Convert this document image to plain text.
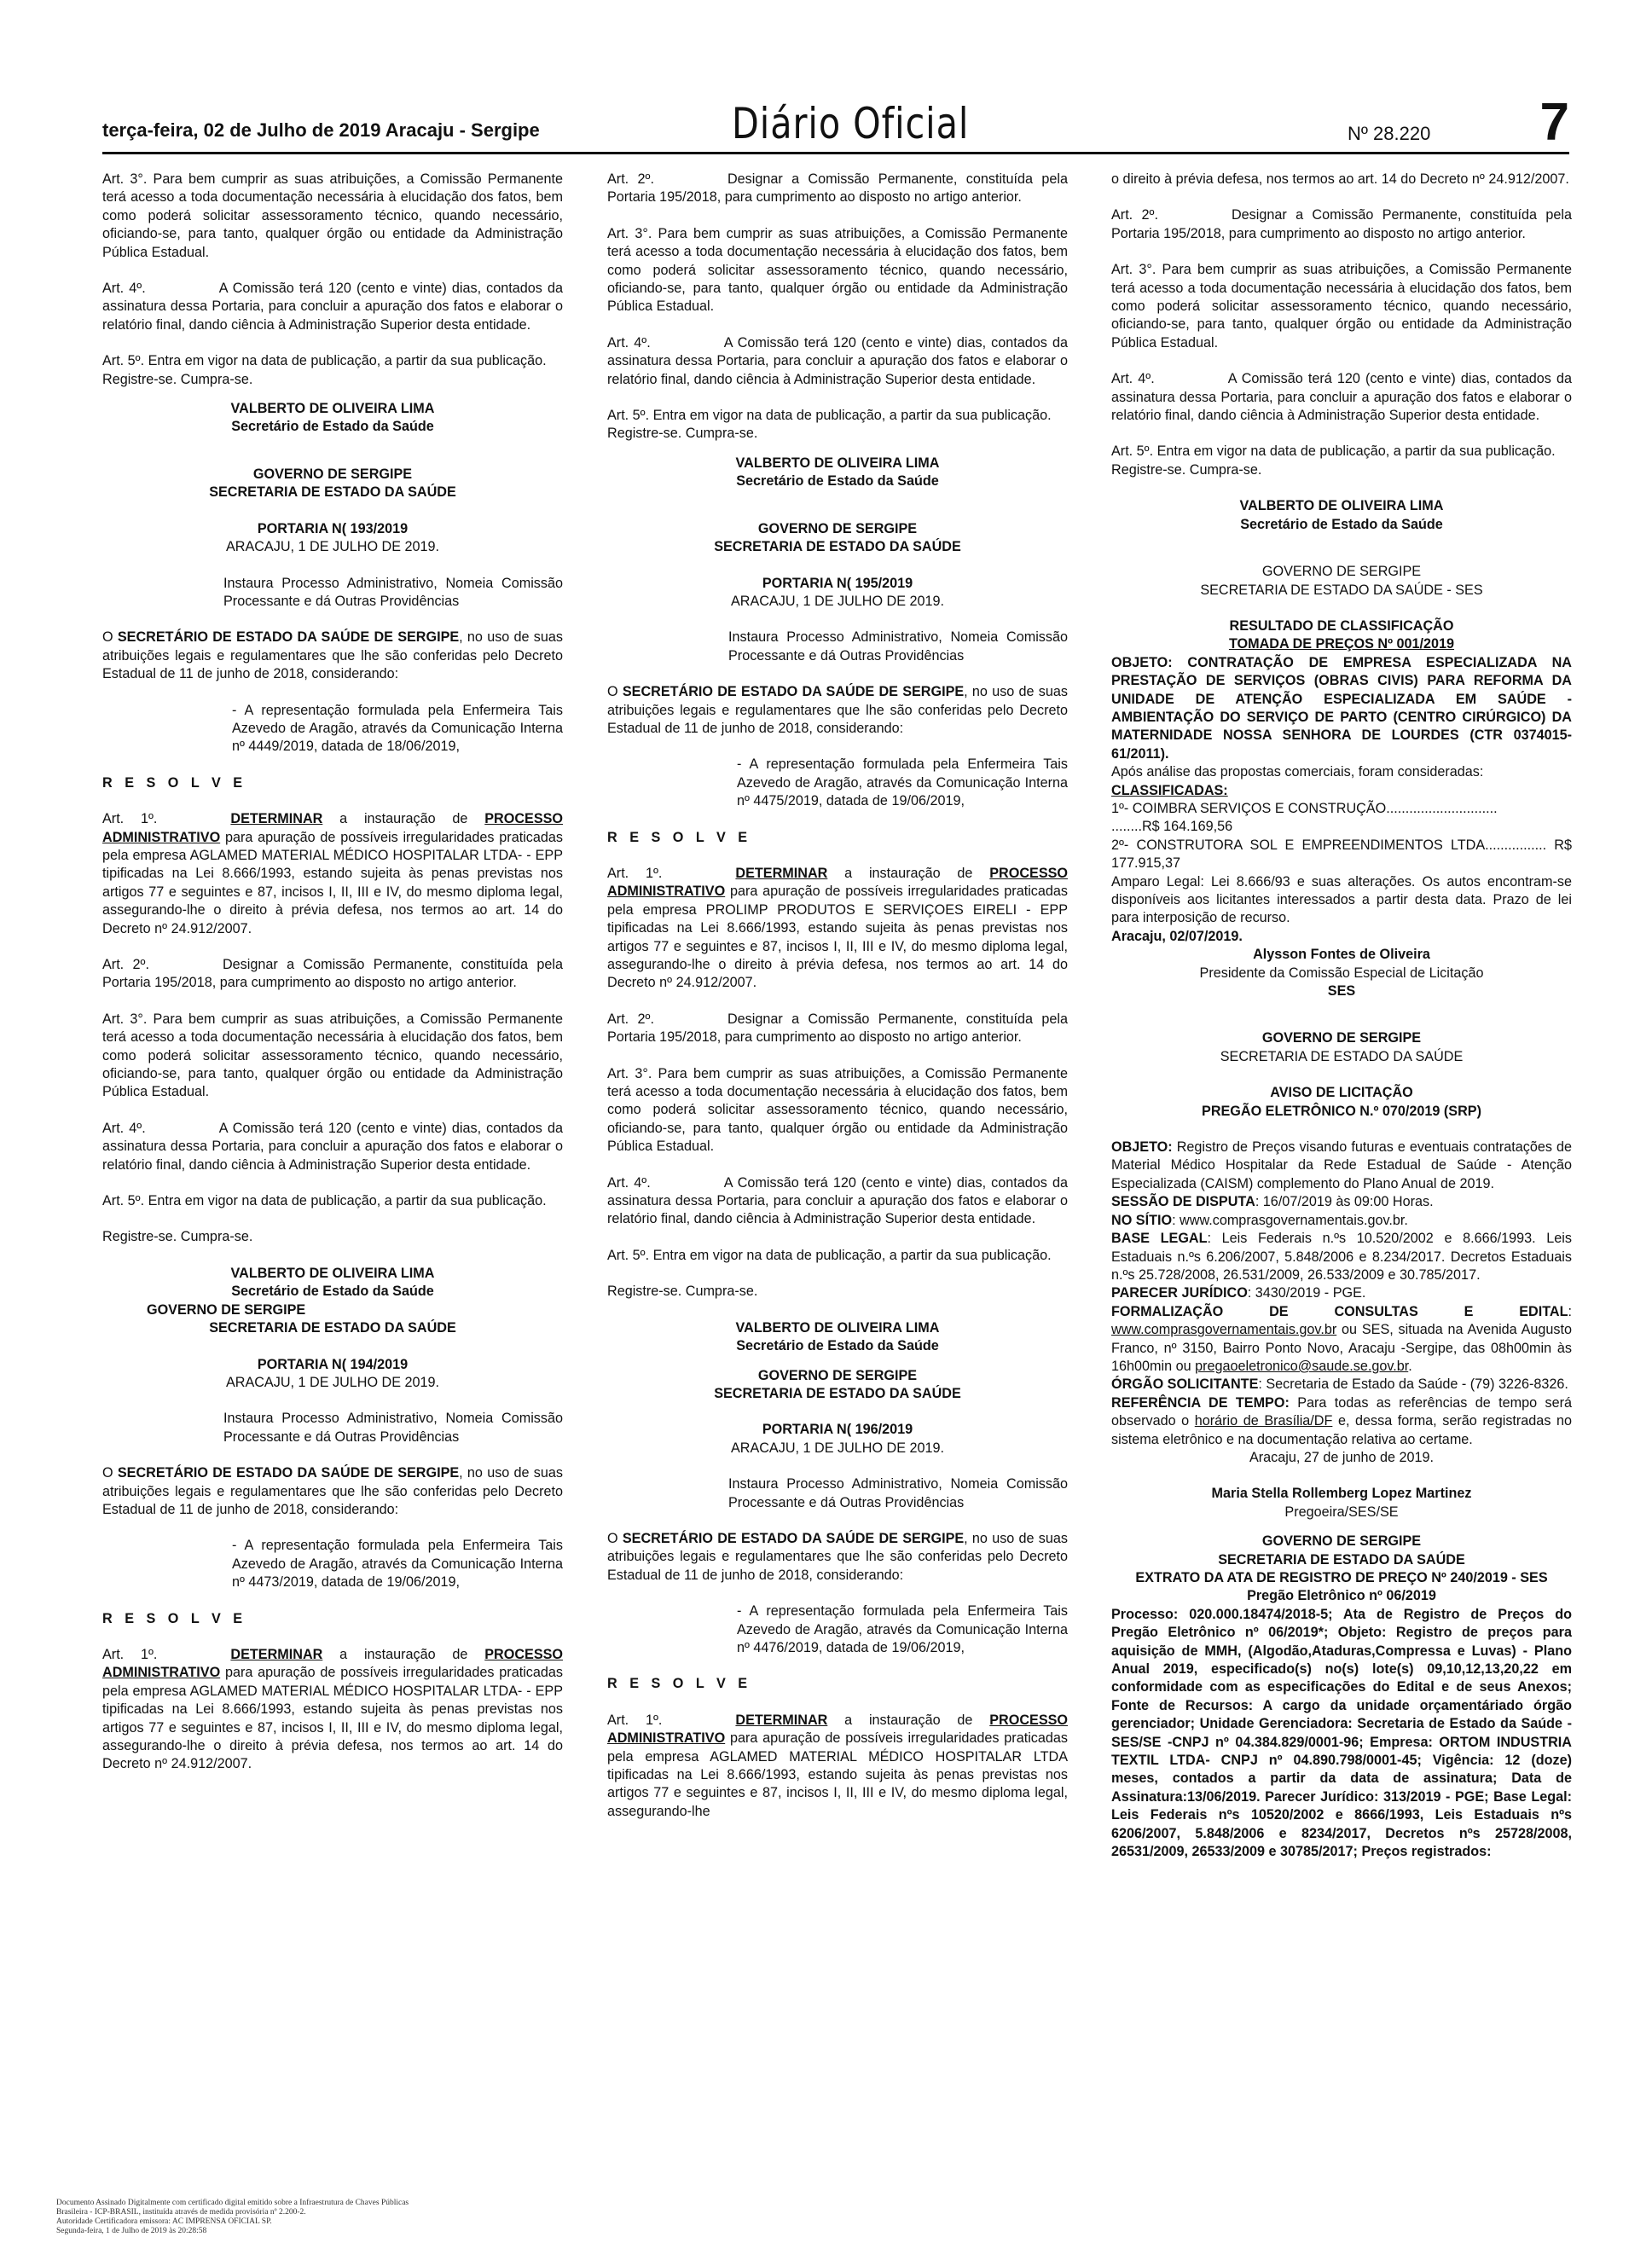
terça-feira, 02 de Julho de 2019 Aracaju - Sergipe	Diário Oficial	Nº 28.220 7

Art. 3°. Para bem cumprir as suas atribuições, a Comissão Permanente terá acesso a toda documentação necessária à elucidação dos fatos, bem como poderá solicitar assessoramento técnico, quando necessário, oficiando-se, para tanto, qualquer órgão ou entidade da Administração Pública Estadual.

Art. 4º.	A Comissão terá 120 (cento e vinte) dias, contados da assinatura dessa Portaria, para concluir a apuração dos fatos e elaborar o relatório final, dando ciência à Administração Superior desta entidade.

Art. 5º. Entra em vigor na data de publicação, a partir da sua publicação.

Registre-se. Cumpra-se.

VALBERTO DE OLIVEIRA LIMA

Secretário de Estado da Saúde

GOVERNO DE SERGIPE

SECRETARIA DE ESTADO DA SAÚDE

PORTARIA N( 193/2019

ARACAJU, 1 DE JULHO DE 2019.

Instaura Processo Administrativo, Nomeia Comissão Processante e dá Outras Providências

O SECRETÁRIO DE ESTADO DA SAÚDE DE SERGIPE, no uso de suas atribuições legais e regulamentares que lhe são conferidas pelo Decreto Estadual de 11 de junho de 2018, considerando:

- A representação formulada pela Enfermeira Tais Azevedo de Aragão, através da Comunicação Interna nº 4449/2019, datada de 18/06/2019,

R E S O L V E

Art. 1º.	DETERMINAR a instauração de PROCESSO ADMINISTRATIVO para apuração de possíveis irregularidades praticadas pela empresa AGLAMED MATERIAL MÉDICO HOSPITALAR LTDA- - EPP tipificadas na Lei 8.666/1993, estando sujeita às penas previstas nos artigos 77 e seguintes e 87, incisos I, II, III e IV, do mesmo diploma legal, assegurando-lhe o direito à prévia defesa, nos termos ao art. 14 do Decreto nº 24.912/2007.

Art. 2º.	Designar a Comissão Permanente, constituída pela Portaria 195/2018, para cumprimento ao disposto no artigo anterior.

Art. 3°. Para bem cumprir as suas atribuições, a Comissão Permanente terá acesso a toda documentação necessária à elucidação dos fatos, bem como poderá solicitar assessoramento técnico, quando necessário, oficiando-se, para tanto, qualquer órgão ou entidade da Administração Pública Estadual.

Art. 4º.	A Comissão terá 120 (cento e vinte) dias, contados da assinatura dessa Portaria, para concluir a apuração dos fatos e elaborar o relatório final, dando ciência à Administração Superior desta entidade.

Art. 5º. Entra em vigor na data de publicação, a partir da sua publicação.

Registre-se. Cumpra-se.

VALBERTO DE OLIVEIRA LIMA

Secretário de Estado da Saúde

GOVERNO DE SERGIPE

SECRETARIA DE ESTADO DA SAÚDE

PORTARIA N( 194/2019

ARACAJU, 1 DE JULHO DE 2019.

Instaura Processo Administrativo, Nomeia Comissão Processante e dá Outras Providências

O SECRETÁRIO DE ESTADO DA SAÚDE DE SERGIPE, no uso de suas atribuições legais e regulamentares que lhe são conferidas pelo Decreto Estadual de 11 de junho de 2018, considerando:

- A representação formulada pela Enfermeira Tais Azevedo de Aragão, através da Comunicação Interna nº 4473/2019, datada de 19/06/2019,

R E S O L V E

Art. 1º.	DETERMINAR a instauração de PROCESSO ADMINISTRATIVO para apuração de possíveis irregularidades praticadas pela empresa AGLAMED MATERIAL MÉDICO HOSPITALAR LTDA- - EPP tipificadas na Lei 8.666/1993, estando sujeita às penas previstas nos artigos 77 e seguintes e 87, incisos I, II, III e IV, do mesmo diploma legal, assegurando-lhe o direito à prévia defesa, nos termos ao art. 14 do Decreto nº 24.912/2007.

Art. 2º.	Designar a Comissão Permanente, constituída pela Portaria 195/2018, para cumprimento ao disposto no artigo anterior.

Art. 3°. Para bem cumprir as suas atribuições, a Comissão Permanente terá acesso a toda documentação necessária à elucidação dos fatos, bem como poderá solicitar assessoramento técnico, quando necessário, oficiando-se, para tanto, qualquer órgão ou entidade da Administração Pública Estadual.

Art. 4º.	A Comissão terá 120 (cento e vinte) dias, contados da assinatura dessa Portaria, para concluir a apuração dos fatos e elaborar o relatório final, dando ciência à Administração Superior desta entidade.

Art. 5º. Entra em vigor na data de publicação, a partir da sua publicação.

Registre-se. Cumpra-se.

VALBERTO DE OLIVEIRA LIMA

Secretário de Estado da Saúde

GOVERNO DE SERGIPE

SECRETARIA DE ESTADO DA SAÚDE

PORTARIA N( 195/2019

ARACAJU, 1 DE JULHO DE 2019.

Instaura Processo Administrativo, Nomeia Comissão Processante e dá Outras Providências

O SECRETÁRIO DE ESTADO DA SAÚDE DE SERGIPE, no uso de suas atribuições legais e regulamentares que lhe são conferidas pelo Decreto Estadual de 11 de junho de 2018, considerando:

- A representação formulada pela Enfermeira Tais Azevedo de Aragão, através da Comunicação Interna nº 4475/2019, datada de 19/06/2019,

R E S O L V E

Art. 1º.	DETERMINAR a instauração de PROCESSO ADMINISTRATIVO para apuração de possíveis irregularidades praticadas pela empresa PROLIMP PRODUTOS E SERVIÇOES EIRELI - EPP tipificadas na Lei 8.666/1993, estando sujeita às penas previstas nos artigos 77 e seguintes e 87, incisos I, II, III e IV, do mesmo diploma legal, assegurando-lhe o direito à prévia defesa, nos termos ao art. 14 do Decreto nº 24.912/2007.

Art. 2º.	Designar a Comissão Permanente, constituída pela Portaria 195/2018, para cumprimento ao disposto no artigo anterior.

Art. 3°. Para bem cumprir as suas atribuições, a Comissão Permanente terá acesso a toda documentação necessária à elucidação dos fatos, bem como poderá solicitar assessoramento técnico, quando necessário, oficiando-se, para tanto, qualquer órgão ou entidade da Administração Pública Estadual.

Art. 4º.	A Comissão terá 120 (cento e vinte) dias, contados da assinatura dessa Portaria, para concluir a apuração dos fatos e elaborar o relatório final, dando ciência à Administração Superior desta entidade.

Art. 5º. Entra em vigor na data de publicação, a partir da sua publicação.

Registre-se. Cumpra-se.

VALBERTO DE OLIVEIRA LIMA

Secretário de Estado da Saúde

GOVERNO DE SERGIPE

SECRETARIA DE ESTADO DA SAÚDE

PORTARIA N( 196/2019

ARACAJU, 1 DE JULHO DE 2019.

Instaura Processo Administrativo, Nomeia Comissão Processante e dá Outras Providências

O SECRETÁRIO DE ESTADO DA SAÚDE DE SERGIPE, no uso de suas atribuições legais e regulamentares que lhe são conferidas pelo Decreto Estadual de 11 de junho de 2018, considerando:

- A representação formulada pela Enfermeira Tais Azevedo de Aragão, através da Comunicação Interna nº 4476/2019, datada de 19/06/2019,

R E S O L V E

Art. 1º.	DETERMINAR a instauração de PROCESSO ADMINISTRATIVO para apuração de possíveis irregularidades praticadas pela empresa AGLAMED MATERIAL MÉDICO HOSPITALAR LTDA tipificadas na Lei 8.666/1993, estando sujeita às penas previstas nos artigos 77 e seguintes e 87, incisos I, II, III e IV, do mesmo diploma legal, assegurando-lhe

o direito à prévia defesa, nos termos ao art. 14 do Decreto nº 24.912/2007.

Art. 2º.	Designar a Comissão Permanente, constituída pela Portaria 195/2018, para cumprimento ao disposto no artigo anterior.

Art. 3°. Para bem cumprir as suas atribuições, a Comissão Permanente terá acesso a toda documentação necessária à elucidação dos fatos, bem como poderá solicitar assessoramento técnico, quando necessário, oficiando-se, para tanto, qualquer órgão ou entidade da Administração Pública Estadual.

Art. 4º.	A Comissão terá 120 (cento e vinte) dias, contados da assinatura dessa Portaria, para concluir a apuração dos fatos e elaborar o relatório final, dando ciência à Administração Superior desta entidade.

Art. 5º. Entra em vigor na data de publicação, a partir da sua publicação.

Registre-se. Cumpra-se.

VALBERTO DE OLIVEIRA LIMA

Secretário de Estado da Saúde

GOVERNO DE SERGIPE

SECRETARIA DE ESTADO DA SAÚDE - SES

RESULTADO DE CLASSIFICAÇÃO

TOMADA DE PREÇOS Nº 001/2019

OBJETO: CONTRATAÇÃO DE EMPRESA ESPECIALIZADA NA PRESTAÇÃO DE SERVIÇOS (OBRAS CIVIS) PARA REFORMA DA UNIDADE DE ATENÇÃO ESPECIALIZADA EM SAÚDE - AMBIENTAÇÃO DO SERVIÇO DE PARTO (CENTRO CIRÚRGICO) DA MATERNIDADE NOSSA SENHORA DE LOURDES (CTR 0374015-61/2011).

Após análise das propostas comerciais, foram consideradas:

CLASSIFICADAS:

1º- COIMBRA SERVIÇOS E CONSTRUÇÃO.............................

........R$ 164.169,56

2º- CONSTRUTORA SOL E EMPREENDIMENTOS LTDA................ R$ 177.915,37

Amparo Legal: Lei 8.666/93 e suas alterações. Os autos encontram-se disponíveis aos licitantes interessados a partir desta data. Prazo de lei para interposição de recurso.

Aracaju, 02/07/2019.

Alysson Fontes de Oliveira

Presidente da Comissão Especial de Licitação

SES

GOVERNO DE SERGIPE

SECRETARIA DE ESTADO DA SAÚDE

AVISO DE LICITAÇÃO

PREGÃO ELETRÔNICO N.º 070/2019 (SRP)

OBJETO: Registro de Preços visando futuras e eventuais contratações de Material Médico Hospitalar da Rede Estadual de Saúde - Atenção Especializada (CAISM) complemento do Plano Anual de 2019.

SESSÃO DE DISPUTA: 16/07/2019 às 09:00 Horas.

NO SÍTIO: www.comprasgovernamentais.gov.br.

BASE LEGAL: Leis Federais n.ºs 10.520/2002 e 8.666/1993. Leis Estaduais n.ºs 6.206/2007, 5.848/2006 e 8.234/2017. Decretos Estaduais n.ºs 25.728/2008, 26.531/2009, 26.533/2009 e 30.785/2017.

PARECER JURÍDICO: 3430/2019 - PGE.

FORMALIZAÇÃO DE CONSULTAS E EDITAL: www.comprasgovernamentais.gov.br ou SES, situada na Avenida Augusto Franco, nº 3150, Bairro Ponto Novo, Aracaju -Sergipe, das 08h00min às 16h00min ou pregaoeletronico@saude.se.gov.br.

ÓRGÃO SOLICITANTE: Secretaria de Estado da Saúde - (79) 3226-8326.

REFERÊNCIA DE TEMPO: Para todas as referências de tempo será observado o horário de Brasília/DF e, dessa forma, serão registradas no sistema eletrônico e na documentação relativa ao certame.

Aracaju, 27 de junho de 2019.

Maria Stella Rollemberg Lopez Martinez

Pregoeira/SES/SE

GOVERNO DE SERGIPE

SECRETARIA DE ESTADO DA SAÚDE

EXTRATO DA ATA DE REGISTRO DE PREÇO Nº 240/2019 - SES

Pregão Eletrônico nº 06/2019

Processo: 020.000.18474/2018-5; Ata de Registro de Preços do Pregão Eletrônico nº 06/2019*; Objeto: Registro de preços para aquisição de MMH, (Algodão,Ataduras,Compressa e Luvas) - Plano Anual 2019, especificado(s) no(s) lote(s) 09,10,12,13,20,22 em conformidade com as especificações do Edital e de seus Anexos; Fonte de Recursos: A cargo da unidade orçamentáriado órgão gerenciador; Unidade Gerenciadora: Secretaria de Estado da Saúde - SES/SE -CNPJ nº 04.384.829/0001-96; Empresa: ORTOM INDUSTRIA TEXTIL LTDA- CNPJ nº 04.890.798/0001-45; Vigência: 12 (doze) meses, contados a partir da data de assinatura; Data de Assinatura:13/06/2019. Parecer Jurídico: 313/2019 - PGE; Base Legal: Leis Federais nºs 10520/2002 e 8666/1993, Leis Estaduais nºs 6206/2007, 5.848/2006 e 8234/2017, Decretos nºs 25728/2008, 26531/2009, 26533/2009 e 30785/2017; Preços registrados:

Documento Assinado Digitalmente com certificado digital emitido sobre a Infraestrutura de Chaves Públicas
Brasileira - ICP-BRASIL, instituída através de medida provisória nº 2.200-2.
Autoridade Certificadora emissora: AC IMPRENSA OFICIAL SP.
Segunda-feira, 1 de Julho de 2019 às 20:28:58
